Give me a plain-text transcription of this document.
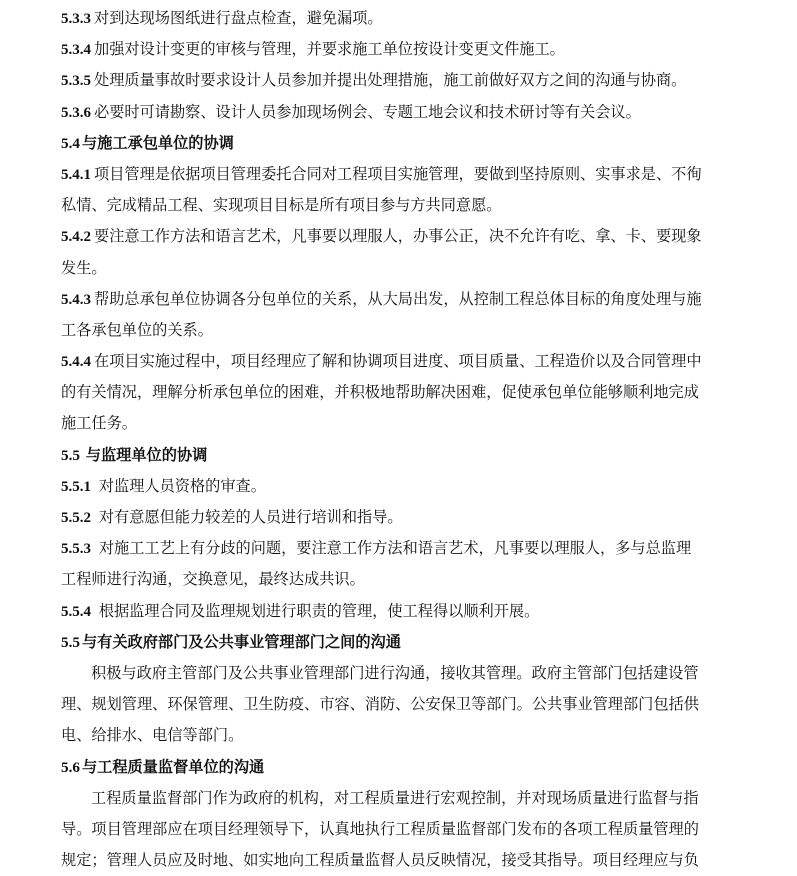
5.3.3 对到达现场图纸进行盘点检查，避免漏项。
5.3.4 加强对设计变更的审核与管理，并要求施工单位按设计变更文件施工。
5.3.5 处理质量事故时要求设计人员参加并提出处理措施，施工前做好双方之间的沟通与协商。
5.3.6 必要时可请勘察、设计人员参加现场例会、专题工地会议和技术研讨等有关会议。
5.4 与施工承包单位的协调
5.4.1 项目管理是依据项目管理委托合同对工程项目实施管理，要做到坚持原则、实事求是、不徇
私情、完成精品工程、实现项目目标是所有项目参与方共同意愿。
5.4.2 要注意工作方法和语言艺术，凡事要以理服人，办事公正，决不允许有吃、拿、卡、要现象
发生。
5.4.3 帮助总承包单位协调各分包单位的关系，从大局出发，从控制工程总体目标的角度处理与施
工各承包单位的关系。
5.4.4 在项目实施过程中，项目经理应了解和协调项目进度、项目质量、工程造价以及合同管理中
的有关情况，理解分析承包单位的困难，并积极地帮助解决困难，促使承包单位能够顺利地完成
施工任务。
5.5 与监理单位的协调
5.5.1 对监理人员资格的审查。
5.5.2 对有意愿但能力较差的人员进行培训和指导。
5.5.3 对施工工艺上有分歧的问题，要注意工作方法和语言艺术，凡事要以理服人，多与总监理
工程师进行沟通，交换意见，最终达成共识。
5.5.4 根据监理合同及监理规划进行职责的管理，使工程得以顺利开展。
5.5 与有关政府部门及公共事业管理部门之间的沟通
积极与政府主管部门及公共事业管理部门进行沟通，接收其管理。政府主管部门包括建设管
理、规划管理、环保管理、卫生防疫、市容、消防、公安保卫等部门。公共事业管理部门包括供
电、给排水、电信等部门。
5.6 与工程质量监督单位的沟通
工程质量监督部门作为政府的机构，对工程质量进行宏观控制，并对现场质量进行监督与指
导。项目管理部应在项目经理领导下，认真地执行工程质量监督部门发布的各项工程质量管理的
规定；管理人员应及时地、如实地向工程质量监督人员反映情况，接受其指导。项目经理应与负
